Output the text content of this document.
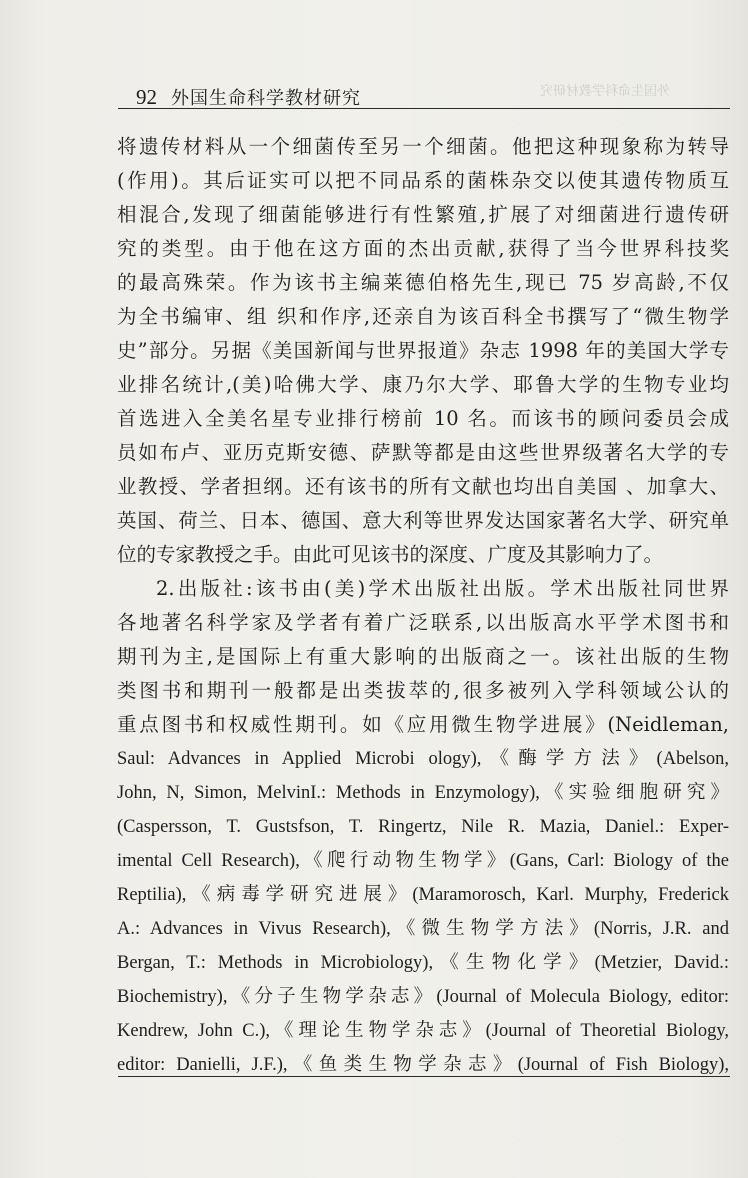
外国生命科学教材研究
92 外国生命科学教材研究
将遗传材料从一个细菌传至另一个细菌。他把这种现象称为转导
(作用)。其后证实可以把不同品系的菌株杂交以使其遗传物质互
相混合,发现了细菌能够进行有性繁殖,扩展了对细菌进行遗传研
究的类型。由于他在这方面的杰出贡献,获得了当今世界科技奖
的最高殊荣。作为该书主编莱德伯格先生,现已 75 岁高龄,不仅
为全书编审、组 织和作序,还亲自为该百科全书撰写了“微生物学
史”部分。另据《美国新闻与世界报道》杂志 1998 年的美国大学专
业排名统计,(美)哈佛大学、康乃尔大学、耶鲁大学的生物专业均
首选进入全美名星专业排行榜前 10 名。而该书的顾问委员会成
员如布卢、亚历克斯安德、萨默等都是由这些世界级著名大学的专
业教授、学者担纲。还有该书的所有文献也均出自美国 、加拿大、
英国、荷兰、日本、德国、意大利等世界发达国家著名大学、研究单
位的专家教授之手。由此可见该书的深度、广度及其影响力了。
2.出版社:该书由(美)学术出版社出版。学术出版社同世界
各地著名科学家及学者有着广泛联系,以出版高水平学术图书和
期刊为主,是国际上有重大影响的出版商之一。该社出版的生物
类图书和期刊一般都是出类拔萃的,很多被列入学科领域公认的
重点图书和权威性期刊。如《应用微生物学进展》(Neidleman,
Saul: Advances in Applied Microbi ology),《酶学方法》(Abelson,
John, N, Simon, MelvinI.: Methods in Enzymology),《实验细胞研究》
(Caspersson, T. Gustsfson, T. Ringertz, Nile R. Mazia, Daniel.: Exper-
imental Cell Research),《爬行动物生物学》(Gans, Carl: Biology of the
Reptilia),《病毒学研究进展》(Maramorosch, Karl. Murphy, Frederick
A.: Advances in Vivus Research),《微生物学方法》(Norris, J.R. and
Bergan, T.: Methods in Microbiology),《生物化学》(Metzier, David.:
Biochemistry),《分子生物学杂志》(Journal of Molecula Biology, editor:
Kendrew, John C.),《理论生物学杂志》(Journal of Theoretial Biology,
editor: Danielli, J.F.),《鱼类生物学杂志》(Journal of Fish Biology),
